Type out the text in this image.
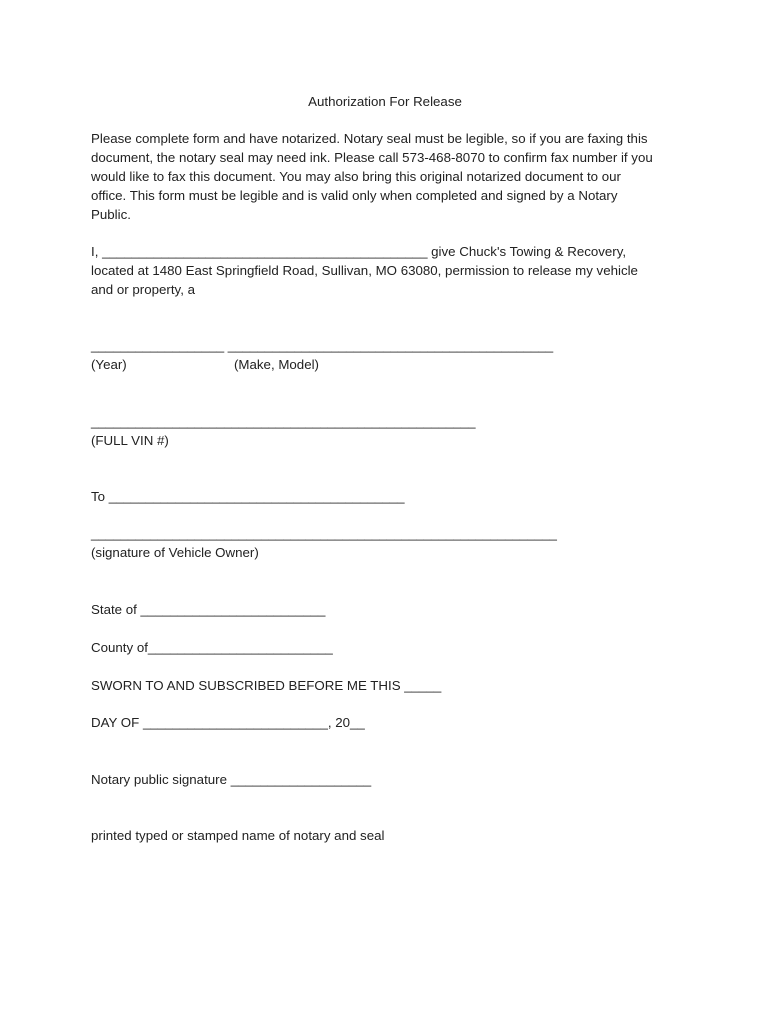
Authorization For Release
Please complete form and have notarized. Notary seal must be legible, so if you are faxing this
document, the notary seal may need ink. Please call 573-468-8070 to confirm fax number if you
would like to fax this document. You may also bring this original notarized document to our
office. This form must be legible and is valid only when completed and signed by a Notary
Public.
I, ____________________________________________ give Chuck's Towing & Recovery,
located at 1480 East Springfield Road, Sullivan, MO 63080, permission to release my vehicle
and or property, a
__________________ ____________________________________________
(Year)	(Make, Model)
____________________________________________________
(FULL VIN #)
To ________________________________________
_______________________________________________________________
(signature of Vehicle Owner)
State of _________________________
County of_________________________
SWORN TO AND SUBSCRIBED BEFORE ME THIS _____
DAY OF _________________________, 20__
Notary public signature ___________________
printed typed or stamped name of notary and seal
